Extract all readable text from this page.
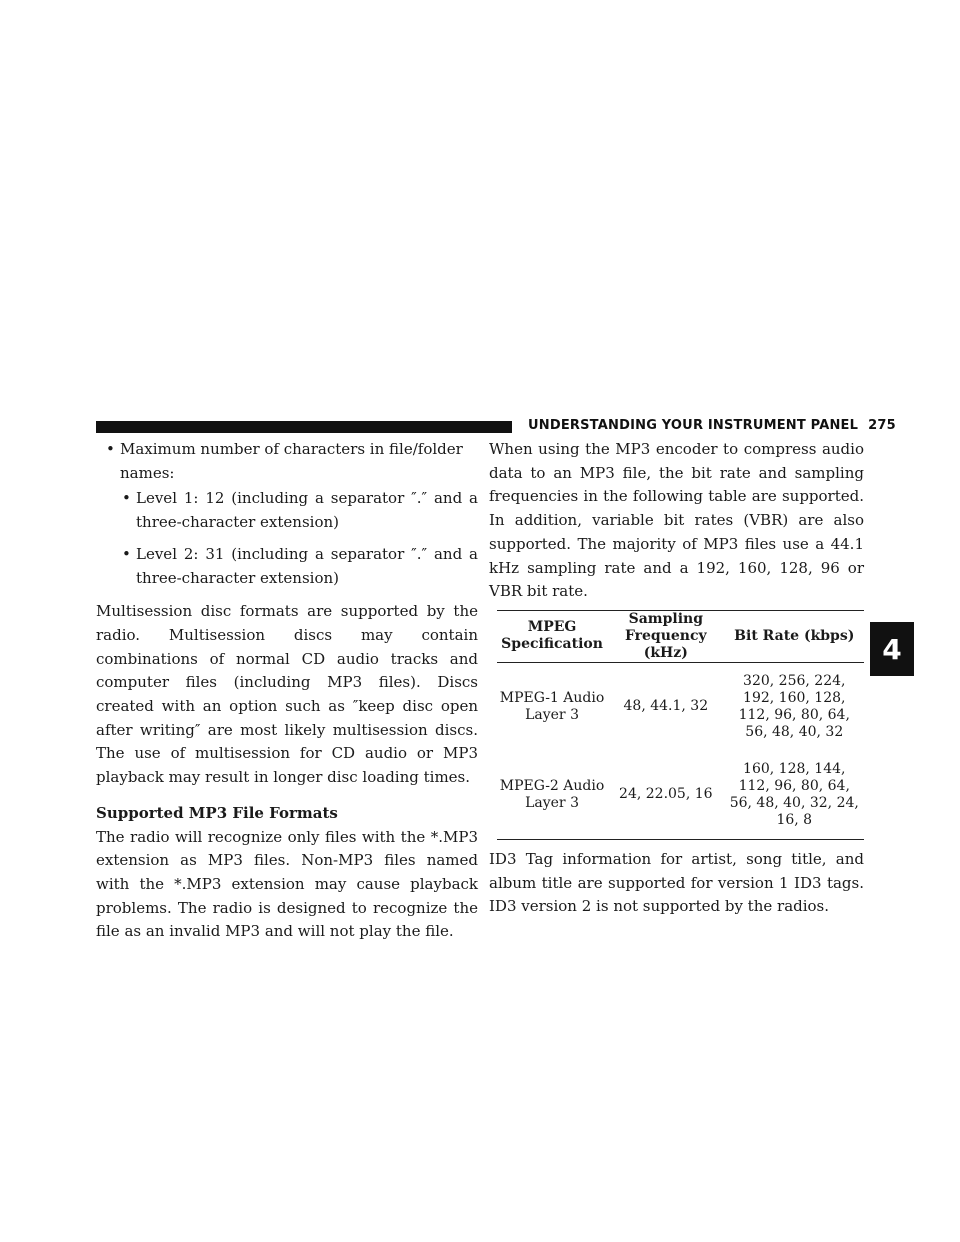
UNDERSTANDING YOUR INSTRUMENT PANEL 275
4
• Maximum number of characters in file/folder names:
• Level 1: 12 (including a separator ″.″ and a three-character extension)

• Level 2: 31 (including a separator ″.″ and a three-character extension)

Multisession disc formats are supported by the radio. Multisession discs may contain combinations of normal CD audio tracks and computer files (including MP3 files). Discs created with an option such as ″keep disc open after writing″ are most likely multisession discs. The use of multisession for CD audio or MP3 playback may result in longer disc loading times.

Supported MP3 File Formats

The radio will recognize only files with the *.MP3 extension as MP3 files. Non-MP3 files named with the *.MP3 extension may cause playback problems. The radio is designed to recognize the file as an invalid MP3 and will not play the file.

When using the MP3 encoder to compress audio data to an MP3 file, the bit rate and sampling frequencies in the following table are supported. In addition, variable bit rates (VBR) are also supported. The majority of MP3 files use a 44.1 kHz sampling rate and a 192, 160, 128, 96 or VBR bit rate.

MPEG Specification	Sampling Frequency (kHz)	Bit Rate (kbps)
MPEG-1 Audio Layer 3	48, 44.1, 32	320, 256, 224, 192, 160, 128, 112, 96, 80, 64, 56, 48, 40, 32
MPEG-2 Audio Layer 3	24, 22.05, 16	160, 128, 144, 112, 96, 80, 64, 56, 48, 40, 32, 24, 16, 8

ID3 Tag information for artist, song title, and album title are supported for version 1 ID3 tags. ID3 version 2 is not supported by the radios.
